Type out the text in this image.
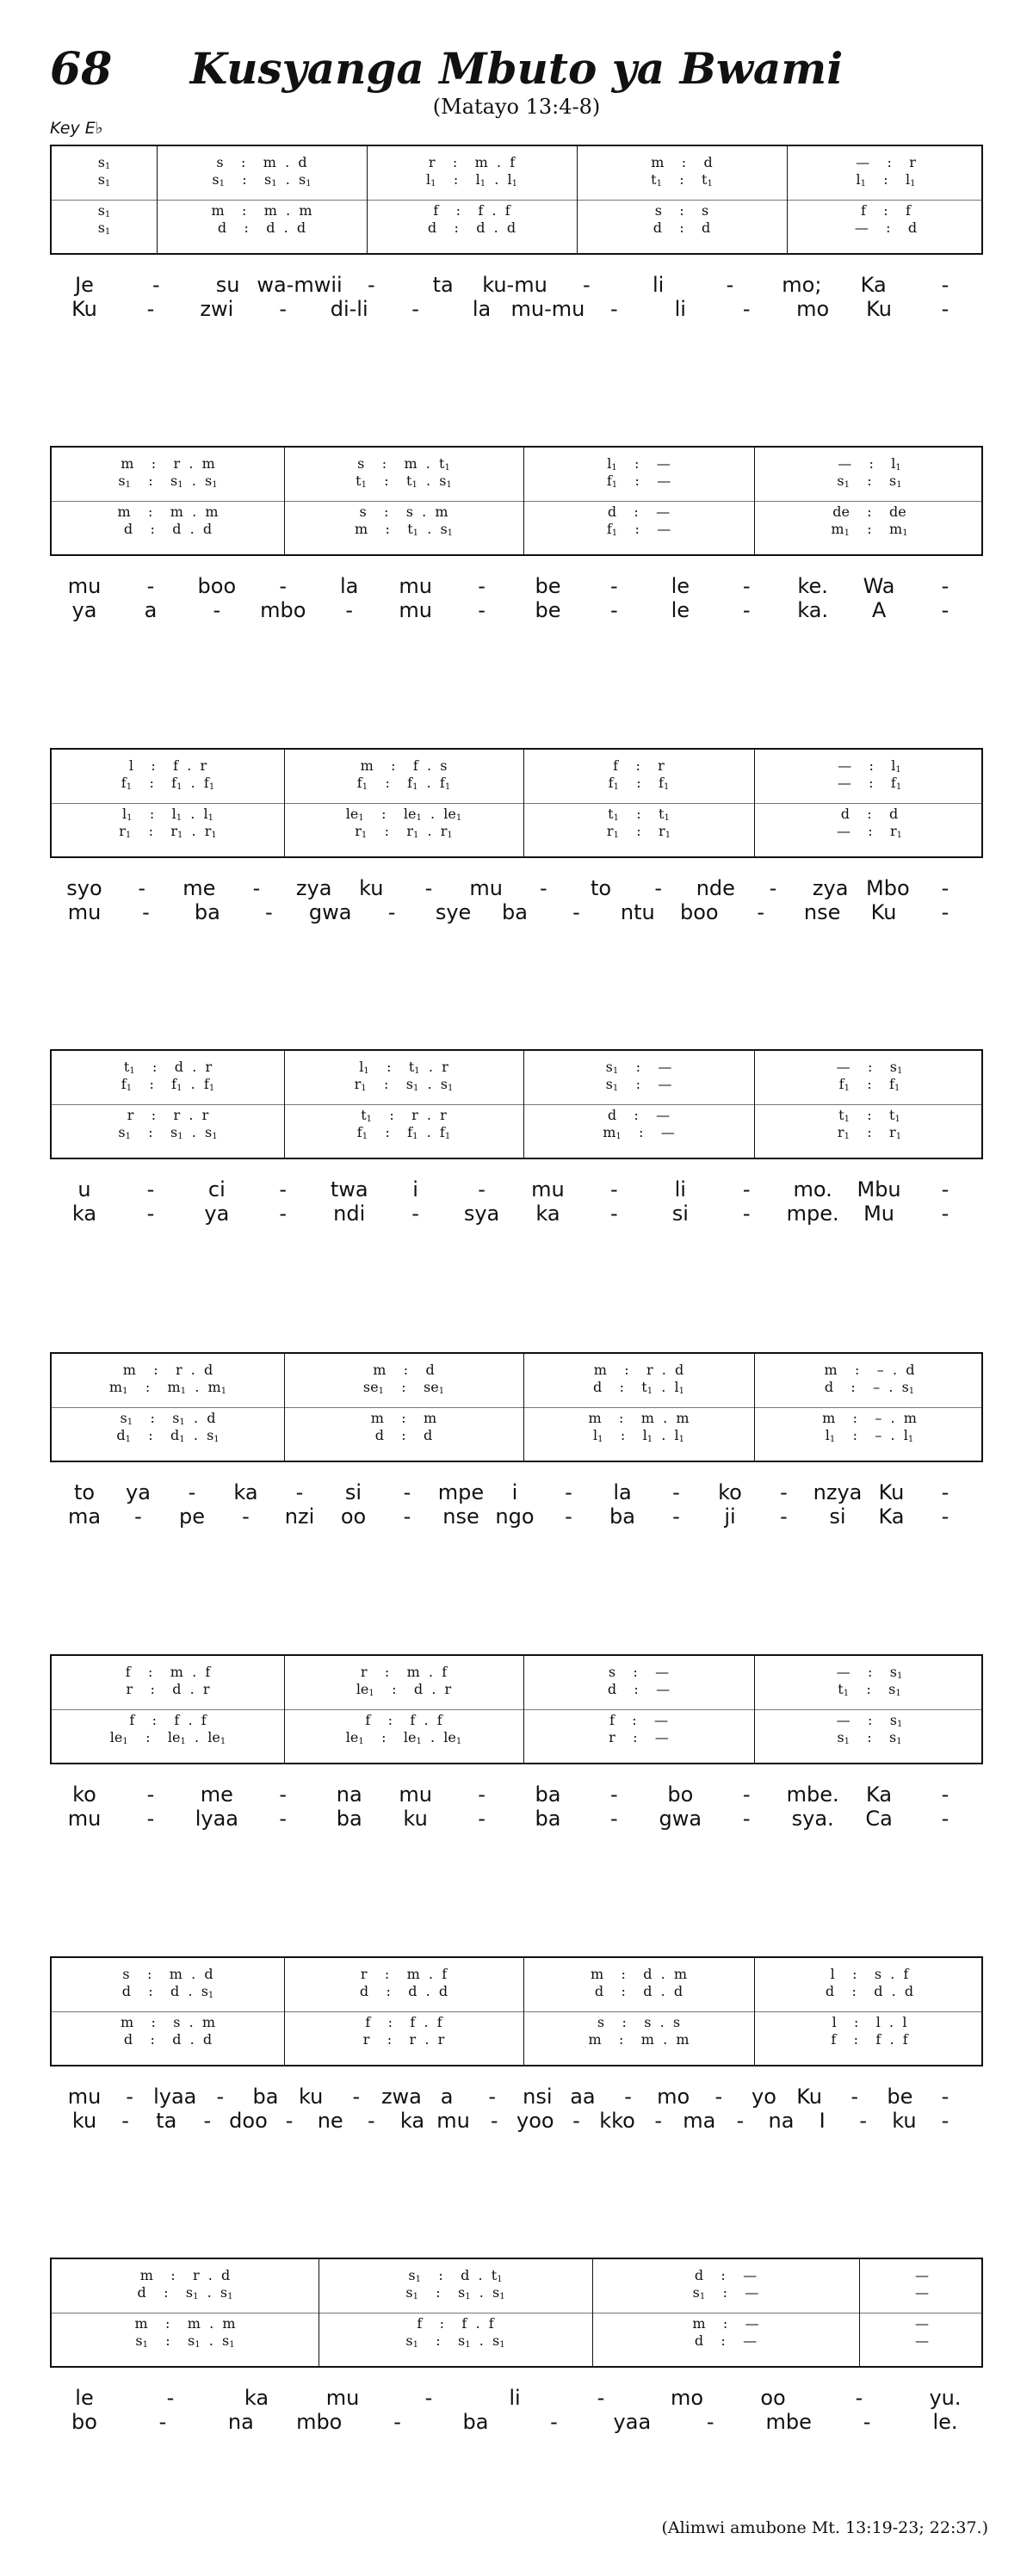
68	Kusyanga Mbuto ya Bwami
(Matayo 13:4-8)
Key E♭
$s_1$	s    :    m  .  d	r    :    m  .  f	m    :    d	—    :    r
$s_1$	$s_1$    :    $s_1$  .  $s_1$	$l_1$    :    $l_1$  .  $l_1$	$t_1$    :    $t_1$	$l_1$    :    $l_1$
$s_1$	m    :    m  .  m	f    :    f  .  f	s    :    s	f    :    f
$s_1$	d    :    d  .  d	d    :    d  .  d	d    :    d	—    :    d
Je	-	su wa-mwii -	ta ku-mu -	li	- mo; Ka	-
Ku - zwi - di-li -	la mu-mu -	li	- mo Ku -
m    :    r  .  m	s    :    m  .  $t_1$	$l_1$    :    —	—    :    $l_1$
$s_1$    :    $s_1$  .  $s_1$	$t_1$    :    $t_1$  .  $s_1$	$f_1$    :    —	$s_1$    :    $s_1$
m    :    m  .  m	s    :    s  .  m	d    :    —	de    :    de
d    :    d  .  d	m    :    $t_1$  .  $s_1$	$f_1$    :    —	$m_1$    :    $m_1$
mu - boo -	la mu - be -	le	- ke. Wa -
ya a	- mbo - mu - be -	le	- ka. A	-
l    :    f  .  r	m    :    f  .  s	f    :    r	—    :    $l_1$
$f_1$    :    $f_1$  .  $f_1$	$f_1$    :    $f_1$  .  $f_1$	$f_1$    :    $f_1$	—    :    $f_1$
$l_1$    :    $l_1$  .  $l_1$	$le_1$    :    $le_1$  .  $le_1$	$t_1$    :    $t_1$	d    :    d
$r_1$    :    $r_1$  .  $r_1$	$r_1$    :    $r_1$  .  $r_1$	$r_1$    :    $r_1$	—    :    $r_1$
syo - me - zya ku - mu - to - nde - zya Mbo -
mu - ba - gwa - sye ba - ntu boo - nse Ku -
$t_1$    :    d  .  r	$l_1$    :    $t_1$  .  r	$s_1$    :    —	—    :    $s_1$
$f_1$    :    $f_1$  .  $f_1$	$r_1$    :    $s_1$  .  $s_1$	$s_1$    :    —	$f_1$    :    $f_1$
r    :    r  .  r	$t_1$    :    r  .  r	d    :    —	$t_1$    :    $t_1$
$s_1$    :    $s_1$  .  $s_1$	$f_1$    :    $f_1$  .  $f_1$	$m_1$    :    —	$r_1$    :    $r_1$
u	-	ci	- twa i	- mu -	li	- mo. Mbu -
ka - ya - ndi - sya ka -	si	- mpe. Mu -
m    :    r  .  d	m    :    d	m    :    r  .  d	m    :    –  .  d
$m_1$    :    $m_1$  .  $m_1$	$se_1$    :    $se_1$	d    :    $t_1$  .  $l_1$	d    :    –  .  $s_1$
$s_1$    :    $s_1$  .  d	m    :    m	m    :    m  .  m	m    :    –  .  m
$d_1$    :    $d_1$  .  $s_1$	d    :    d	$l_1$    :    $l_1$  .  $l_1$	$l_1$    :    –  .  $l_1$
to ya - ka - si - mpe i - la - ko - nzya Ku -
ma - pe - nzi oo - nse ngo - ba - ji - si Ka -
f    :    m  .  f	r    :    m  .  f	s    :    —	—    :    $s_1$
r    :    d  .  r	$le_1$    :    d  .  r	d    :    —	$t_1$    :    $s_1$
f    :    f  .  f	f    :    f  .  f	f    :    —	—    :    $s_1$
$le_1$    :    $le_1$  .  $le_1$	$le_1$    :    $le_1$  .  $le_1$	r    :    —	$s_1$    :    $s_1$
ko - me - na mu - ba - bo - mbe. Ka -
mu - lyaa - ba ku - ba - gwa - sya. Ca -
s    :    m  .  d	r    :    m  .  f	m    :    d  .  m	l    :    s  .  f
d    :    d  .  $s_1$	d    :    d  .  d	d    :    d  .  d	d    :    d  .  d
m    :    s  .  m	f    :    f  .  f	s    :    s  .  s	l    :    l  .  l
d    :    d  .  d	r    :    r  .  r	m    :    m  .  m	f    :    f  .  f
mu - lyaa - ba ku - zwa a - nsi aa - mo - yo Ku - be -
ku - ta - doo - ne - ka mu - yoo - kko - ma - na I - ku -
m    :    r  .  d	$s_1$    :    d  .  $t_1$	d    :    —	—
d    :    $s_1$  .  $s_1$	$s_1$    :    $s_1$  .  $s_1$	$s_1$    :    —	—
m    :    m  .  m	f    :    f  .  f	m    :    —	—
$s_1$    :    $s_1$  .  $s_1$	$s_1$    :    $s_1$  .  $s_1$	d    :    —	—
le	-	ka	mu	-	li	-	mo	oo	-	yu.
bo	-	na mbo -	ba	-	yaa	- mbe -	le.
(Alimwi amubone Mt. 13:19-23; 22:37.)
